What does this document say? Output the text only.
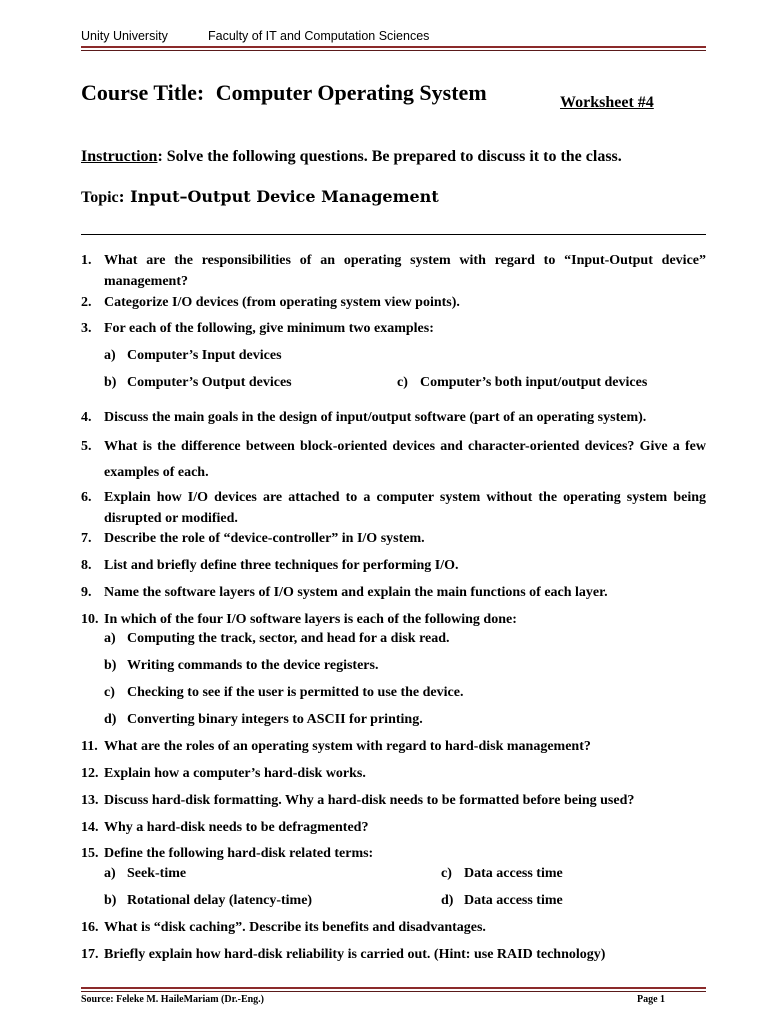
Unity University	Faculty of IT and Computation Sciences
Course Title: Computer Operating System	Worksheet #4
Instruction: Solve the following questions. Be prepared to discuss it to the class.
Topic: Input–Output Device Management
1. What are the responsibilities of an operating system with regard to “Input-Output device” management?
2. Categorize I/O devices (from operating system view points).
3. For each of the following, give minimum two examples:
a) Computer’s Input devices
b) Computer’s Output devices	c) Computer’s both input/output devices
4. Discuss the main goals in the design of input/output software (part of an operating system).
5. What is the difference between block-oriented devices and character-oriented devices? Give a few examples of each.
6. Explain how I/O devices are attached to a computer system without the operating system being disrupted or modified.
7. Describe the role of “device-controller” in I/O system.
8. List and briefly define three techniques for performing I/O.
9. Name the software layers of I/O system and explain the main functions of each layer.
10. In which of the four I/O software layers is each of the following done:
a) Computing the track, sector, and head for a disk read.
b) Writing commands to the device registers.
c) Checking to see if the user is permitted to use the device.
d) Converting binary integers to ASCII for printing.
11. What are the roles of an operating system with regard to hard-disk management?
12. Explain how a computer’s hard-disk works.
13. Discuss hard-disk formatting. Why a hard-disk needs to be formatted before being used?
14. Why a hard-disk needs to be defragmented?
15. Define the following hard-disk related terms:
a) Seek-time
b) Rotational delay (latency-time)
c) Data access time
d) Data access time
16. What is “disk caching”. Describe its benefits and disadvantages.
17. Briefly explain how hard-disk reliability is carried out. (Hint: use RAID technology)
Source: Feleke M. HaileMariam (Dr.-Eng.)	Page 1
